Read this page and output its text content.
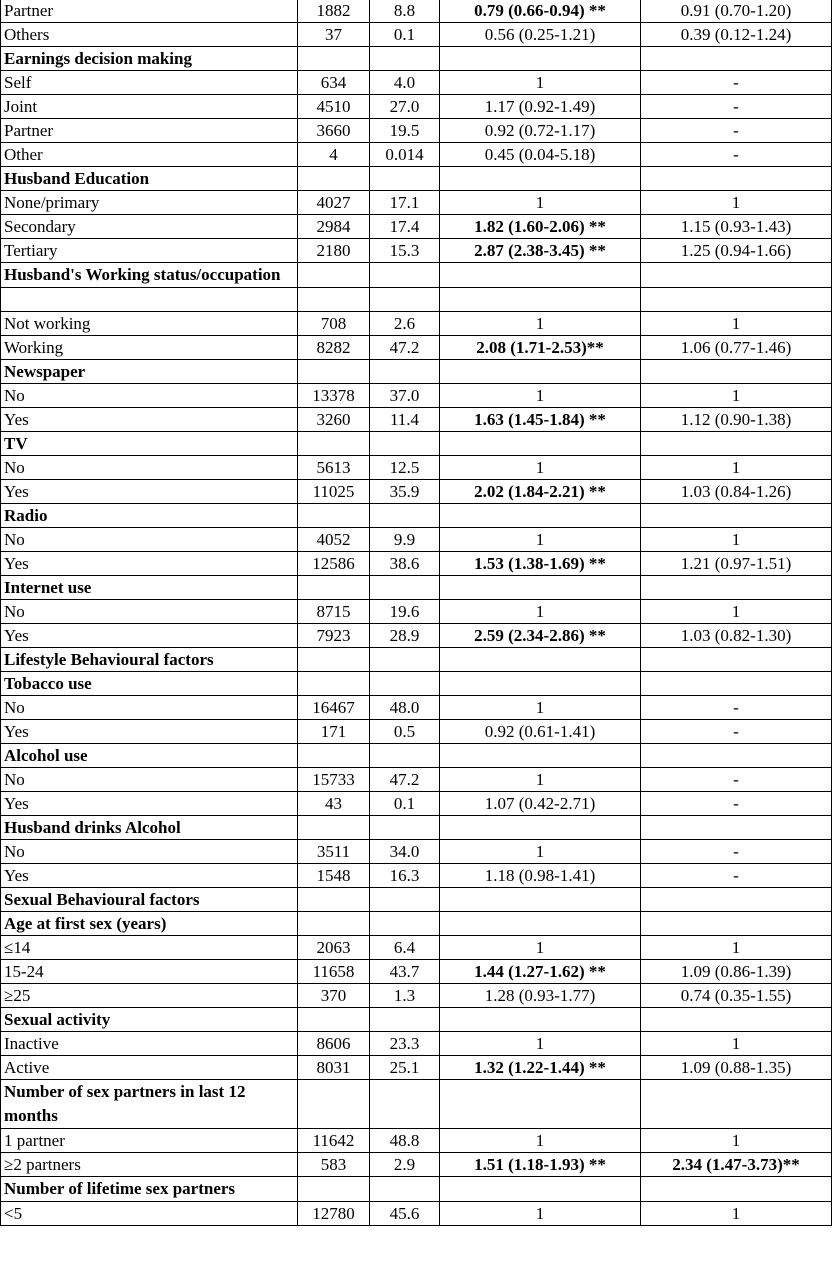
Partner	1882	8.8	0.79 (0.66-0.94) **	0.91 (0.70-1.20)
Others	37	0.1	0.56 (0.25-1.21)	0.39 (0.12-1.24)
Earnings decision making				
Self	634	4.0	1	-
Joint	4510	27.0	1.17 (0.92-1.49)	-
Partner	3660	19.5	0.92 (0.72-1.17)	-
Other	4	0.014	0.45 (0.04-5.18)	-
Husband Education				
None/primary	4027	17.1	1	1
Secondary	2984	17.4	1.82 (1.60-2.06) **	1.15 (0.93-1.43)
Tertiary	2180	15.3	2.87 (2.38-3.45) **	1.25 (0.94-1.66)
Husband's Working status/occupation				

Not working	708	2.6	1	1
Working	8282	47.2	2.08 (1.71-2.53)**	1.06 (0.77-1.46)
Newspaper				
No	13378	37.0	1	1
Yes	3260	11.4	1.63 (1.45-1.84) **	1.12 (0.90-1.38)
TV				
No	5613	12.5	1	1
Yes	11025	35.9	2.02 (1.84-2.21) **	1.03 (0.84-1.26)
Radio				
No	4052	9.9	1	1
Yes	12586	38.6	1.53 (1.38-1.69) **	1.21 (0.97-1.51)
Internet use				
No	8715	19.6	1	1
Yes	7923	28.9	2.59 (2.34-2.86) **	1.03 (0.82-1.30)
Lifestyle Behavioural factors				
Tobacco use				
No	16467	48.0	1	-
Yes	171	0.5	0.92 (0.61-1.41)	-
Alcohol use				
No	15733	47.2	1	-
Yes	43	0.1	1.07 (0.42-2.71)	-
Husband drinks Alcohol				
No	3511	34.0	1	-
Yes	1548	16.3	1.18 (0.98-1.41)	-
Sexual Behavioural factors				
Age at first sex (years)				
≤14	2063	6.4	1	1
15-24	11658	43.7	1.44 (1.27-1.62) **	1.09 (0.86-1.39)
≥25	370	1.3	1.28 (0.93-1.77)	0.74 (0.35-1.55)
Sexual activity				
Inactive	8606	23.3	1	1
Active	8031	25.1	1.32 (1.22-1.44) **	1.09 (0.88-1.35)
Number of sex partners in last 12 months				
1 partner	11642	48.8	1	1
≥2 partners	583	2.9	1.51 (1.18-1.93) **	2.34 (1.47-3.73)**
Number of lifetime sex partners				
<5	12780	45.6	1	1
